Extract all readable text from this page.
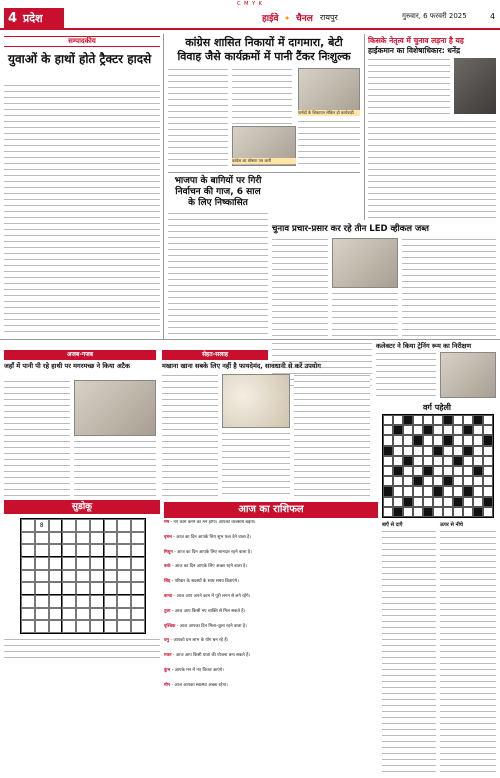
C M Y K
4 प्रदेश	हाईवे 🔸 चैनल रायपुर	गुरुवार, 6 फरवरी 2025	4
सम्पादकीय
युवाओं के हाथों होते ट्रैक्टर हादसे
कांग्रेस शासित निकायों में दागमारा, बेटी
विवाह जैसे कार्यक्रमों में पानी टैंकर निःशुल्क
कांग्रेस का घोषणा पत्र जारी
पार्षदों के शिकायत लेकिन हो कार्यवाही
भाजपा के बागियों पर गिरी
निर्वाचन की गाज, 6 साल
के लिए निष्कासित
चुनाव प्रचार-प्रसार कर रहे तीन LED व्हीकल जब्त
किसके नेतृत्व में चुनाव लड़ना है यह
हाईकमान का विशेषाधिकार: धनेंद्र
कलेक्टर ने किया ट्रेनिंग रूम का निरीक्षण
अजब-गजब
जहाँ में पानी पी रहे हाथी पर मगरमच्छ ने किया अटैक
सेहत-सलाह
मखाना खाना सबके लिए नहीं है फायदेमंद, सावधानी से करें उपयोग
वर्ग पहेली
सुडोकू
8
आज का राशिफल
मेष - नए काम करने का मन होगा। आपको व्यवसाय बढ़ेगा।
वृषभ - आज का दिन आपके लिए शुभ फल देने वाला है।
मिथुन - आज का दिन आपके लिए शानदार रहने वाला है।
कर्क - आज का दिन आपके लिए अच्छा रहने वाला है।
सिंह - परिवार के सदस्यों के साथ समय बिताएंगे।
कन्या - आज आप अपने काम में पूरी लगन से लगे रहेंगे।
तुला - आज आप किसी नए व्यक्ति से मिल सकते हैं।
वृश्चिक - आज आपका दिन मिला-जुला रहने वाला है।
धनु - आपको धन लाभ के योग बन रहे हैं।
मकर - आज आप किसी यात्रा की योजना बना सकते हैं।
कुंभ - आपके मन में नए विचार आएंगे।
मीन - आज आपका स्वास्थ्य अच्छा रहेगा।
बाएँ से दाएँ	ऊपर से नीचे
